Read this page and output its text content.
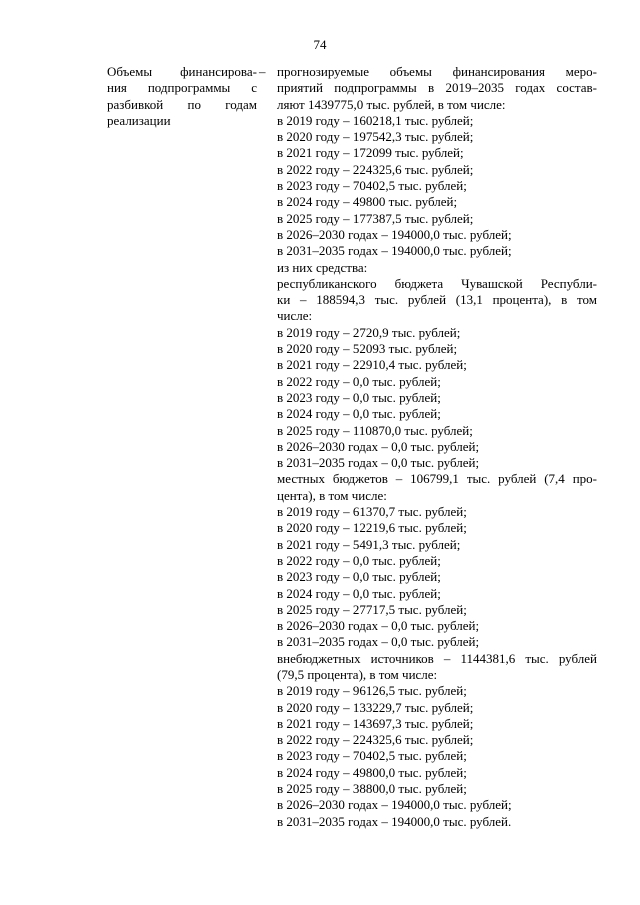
74
Объемы финансирова-
ния подпрограммы с
разбивкой по годам
реализации
– прогнозируемые объемы финансирования меро-
приятий подпрограммы в 2019–2035 годах состав-
ляют 1439775,0 тыс. рублей, в том числе:
в 2019 году – 160218,1 тыс. рублей;
в 2020 году – 197542,3 тыс. рублей;
в 2021 году – 172099 тыс. рублей;
в 2022 году – 224325,6 тыс. рублей;
в 2023 году – 70402,5 тыс. рублей;
в 2024 году – 49800 тыс. рублей;
в 2025 году – 177387,5 тыс. рублей;
в 2026–2030 годах – 194000,0 тыс. рублей;
в 2031–2035 годах – 194000,0 тыс. рублей;
из них средства:
республиканского бюджета Чувашской Республи-
ки – 188594,3 тыс. рублей (13,1 процента), в том
числе:
в 2019 году – 2720,9 тыс. рублей;
в 2020 году – 52093 тыс. рублей;
в 2021 году – 22910,4 тыс. рублей;
в 2022 году – 0,0 тыс. рублей;
в 2023 году – 0,0 тыс. рублей;
в 2024 году – 0,0 тыс. рублей;
в 2025 году – 110870,0 тыс. рублей;
в 2026–2030 годах – 0,0 тыс. рублей;
в 2031–2035 годах – 0,0 тыс. рублей;
местных бюджетов – 106799,1 тыс. рублей (7,4 про-
цента), в том числе:
в 2019 году – 61370,7 тыс. рублей;
в 2020 году – 12219,6 тыс. рублей;
в 2021 году – 5491,3 тыс. рублей;
в 2022 году – 0,0 тыс. рублей;
в 2023 году – 0,0 тыс. рублей;
в 2024 году – 0,0 тыс. рублей;
в 2025 году – 27717,5 тыс. рублей;
в 2026–2030 годах – 0,0 тыс. рублей;
в 2031–2035 годах – 0,0 тыс. рублей;
внебюджетных источников – 1144381,6 тыс. рублей
(79,5 процента), в том числе:
в 2019 году – 96126,5 тыс. рублей;
в 2020 году – 133229,7 тыс. рублей;
в 2021 году – 143697,3 тыс. рублей;
в 2022 году – 224325,6 тыс. рублей;
в 2023 году – 70402,5 тыс. рублей;
в 2024 году – 49800,0 тыс. рублей;
в 2025 году – 38800,0 тыс. рублей;
в 2026–2030 годах – 194000,0 тыс. рублей;
в 2031–2035 годах – 194000,0 тыс. рублей.
